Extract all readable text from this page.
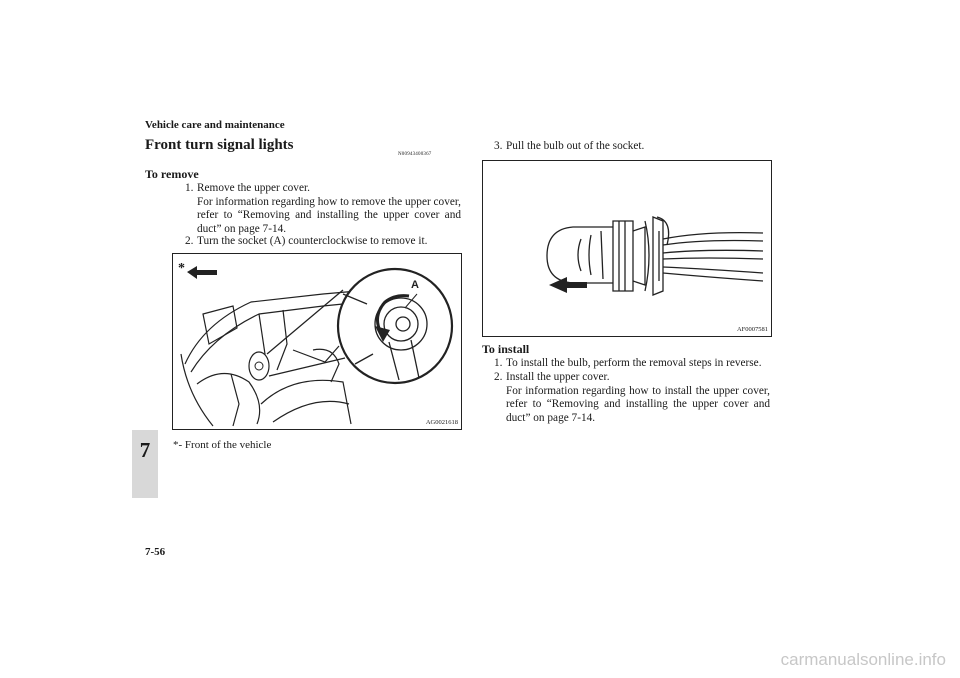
Vehicle care and maintenance
Front turn signal lights
N00943400367
To remove
1. Remove the upper cover.
For information regarding how to remove the upper cover, refer to “Removing and installing the upper cover and duct” on page 7-14.
2. Turn the socket (A) counterclockwise to remove it.
A
*
AG0021618
*- Front of the vehicle
3. Pull the bulb out of the socket.
AF0007581
To install
1. To install the bulb, perform the removal steps in reverse.
2. Install the upper cover.
For information regarding how to install the upper cover, refer to “Removing and installing the upper cover and duct” on page 7-14.
7
7-56
carmanualsonline.info
